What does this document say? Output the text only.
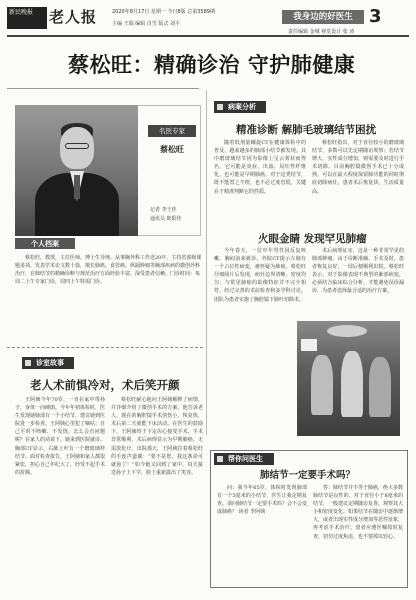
新民晚报	老人报	2020年8月17日 星期一 今日8版 总第3589期
主编 王瑞 编辑 肖雪 版式 刘平
我身边的好医生 3
责任编辑 金城 视觉设计 张 涛
蔡松旺：精确诊治 守护肺健康
名医专家
蔡松旺
记者 李王佳
通讯员 欧阳佳
个人档案
蔡松旺，教授，主任医师，博士生导师。从事胸外科工作近20年，主持省部级课题多项，发表学术论文数十篇，擅长肺癌、食管癌、纵隔肿瘤等胸部疾病的微创外科治疗，在肺结节的精确诊断与规范治疗方面经验丰富，深受患者信赖。门诊时间：每周二上午专家门诊，周四上午特需门诊。
诊室故事
老人术前惧冷对，术后笑开颜
王阿姨今年70岁，一直在家中带孙子，身体一向硬朗。今年年初体检时，医生发现她肺部有一个小结节，建议她到医院进一步检查。王阿姨心里犯了嘀咕：自己平时不咳嗽、不发烧，怎么会有问题呢？在家人的劝说下，她来到医院就诊。胸部CT显示，右肺上叶有一个磨玻璃样结节。面对检查报告，王阿姨和家人都很紧张，担心自己年纪大了，经受不起手术的折腾。
蔡松旺耐心地向王阿姨解释了病情，并详细介绍了微创手术的方案。他告诉老人，现在的胸腔镜手术创伤小、恢复快，术后第二天就能下床活动。在医生的鼓励下，王阿姨终于下定决心接受手术。手术非常顺利，术后病理显示为早期肺癌，无需放化疗。出院那天，王阿姨拉着蔡松旺的手连声道谢：“要不是您，我这条命可就悬了！”如今她又回到了家中，每天接送孙子上下学，脸上重新露出了笑容。
病案分析
精准诊断 解肺毛玻璃结节困扰
随着低剂量螺旋CT在健康体检中的普及，越来越多的肺部小结节被发现。其中磨玻璃结节因为影像上呈云雾状而得名，它可能是炎症、出血、局灶性纤维化，也可能是早期肺癌。对于这类结节，既不能置之不理，也不必过度恐慌，关键在于精准判断它的性质。
蔡松旺指出，对于直径较小的磨玻璃结节，多数可以先定期随访观察；若结节增大、实性成分增加，则需要及时进行手术切除。目前胸腔镜微创手术已十分成熟，可以在最大程度保留肺功能的同时彻底切除病灶，患者术后恢复快，生活质量高。
火眼金睛 发现罕见肺瘤
今年春天，一位中年男性因反复咳嗽、胸闷前来就诊。外院CT提示左肺有一个占位性病变，被怀疑为肺癌。蔡松旺仔细阅片后发现，病灶边界清晰、密度均匀，与常见肺癌的影像特征并不完全相符。经过完善的术前检查和多学科讨论，团队为患者实施了胸腔镜下肺叶切除术。
术后病理证实，这是一种非常罕见的肺部肿瘤。由于诊断准确、手术及时，患者恢复良好，一周后便顺利出院。蔡松旺表示，对于影像表现不典型的肺部病变，必须结合临床综合分析，才能避免误诊漏诊，为患者选择最合适的治疗方案。
帮你问医生
肺结节一定要手术吗？
问：我今年65岁，体检时发现肺部有一个5毫米的小结节，医生让我定期复查。请问肺结节一定要手术吗？会不会变成肺癌？ 读者 李阿姨
答：肺结节并不等于肺癌，绝大多数肺结节是良性的。对于直径小于8毫米的结节，一般建议定期随访复查，观察其大小和密度变化。如果结节在随访中逐渐增大，或者出现实性成分增加等恶性征象，再考虑手术治疗。患者应遵医嘱按时复查，切勿过度焦虑，也不要掉以轻心。
